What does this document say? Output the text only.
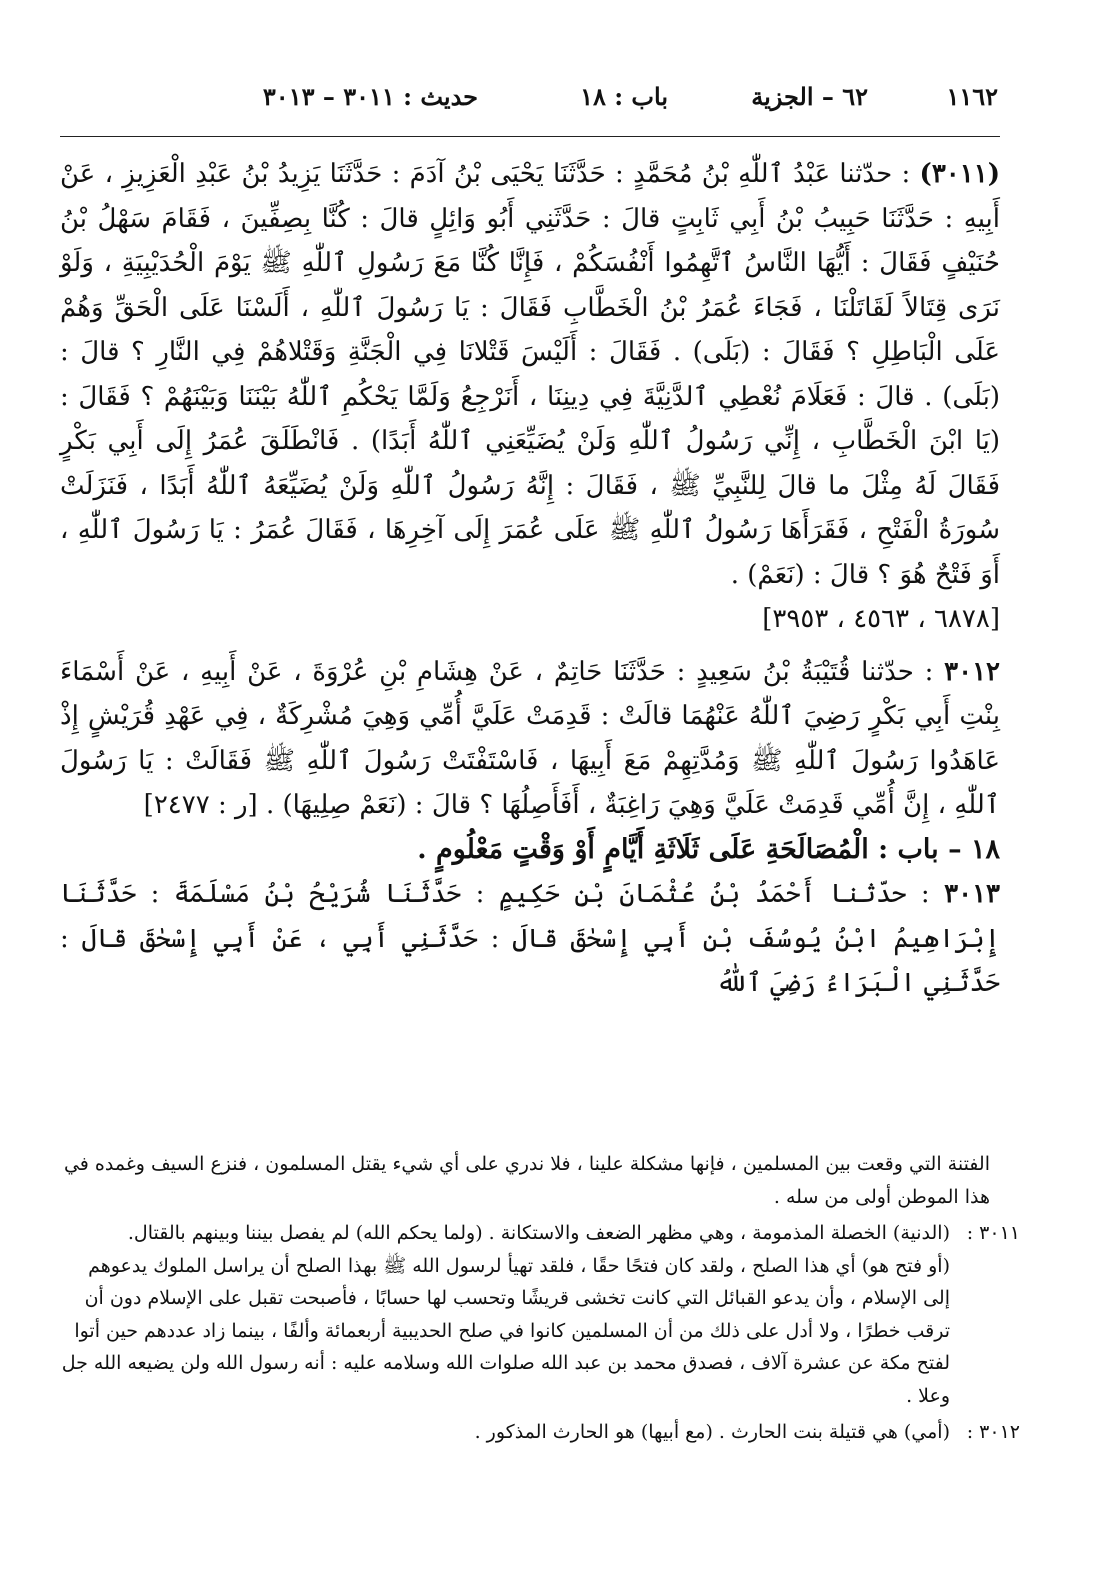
١١٦٢
٦٢ – الجزية
باب : ١٨
حديث : ٣٠١١ – ٣٠١٣

(٣٠١١) : حدّثنا عَبْدُ ٱللّٰهِ بْنُ مُحَمَّدٍ : حَدَّثَنَا يَحْيَى بْنُ آدَمَ : حَدَّثَنَا يَزِيدُ بْنُ عَبْدِ الْعَزِيزِ ، عَنْ أَبِيهِ : حَدَّثَنَا حَبِيبُ بْنُ أَبِي ثَابِتٍ قالَ : حَدَّثَنِي أَبُو وَائِلٍ قالَ : كُنَّا بِصِفِّينَ ، فَقَامَ سَهْلُ بْنُ حُنَيْفٍ فَقَالَ : أَيُّهَا النَّاسُ ٱتَّهِمُوا أَنْفُسَكُمْ ، فَإِنَّا كُنَّا مَعَ رَسُولِ ٱللّٰهِ ﷺ يَوْمَ الْحُدَيْبِيَةِ ، وَلَوْ نَرَى قِتَالاً لَقَاتَلْنَا ، فَجَاءَ عُمَرُ بْنُ الْخَطَّابِ فَقَالَ : يَا رَسُولَ ٱللّٰهِ ، أَلَسْنَا عَلَى الْحَقِّ وَهُمْ عَلَى الْبَاطِلِ ؟ فَقَالَ : (بَلَى) . فَقَالَ : أَلَيْسَ قَتْلانَا فِي الْجَنَّةِ وَقَتْلاهُمْ فِي النَّارِ ؟ قالَ : (بَلَى) . قالَ : فَعَلَامَ نُعْطِي ٱلدَّنِيَّةَ فِي دِينِنَا ، أَنَرْجِعُ وَلَمَّا يَحْكُمِ ٱللّٰهُ بَيْنَنَا وَبَيْنَهُمْ ؟ فَقَالَ : (يَا ابْنَ الْخَطَّابِ ، إِنِّي رَسُولُ ٱللّٰهِ وَلَنْ يُضَيِّعَنِي ٱللّٰهُ أَبَدًا) . فَانْطَلَقَ عُمَرُ إِلَى أَبِي بَكْرٍ فَقَالَ لَهُ مِثْلَ ما قالَ لِلنَّبِيِّ ﷺ ، فَقَالَ : إِنَّهُ رَسُولُ ٱللّٰهِ وَلَنْ يُضَيِّعَهُ ٱللّٰهُ أَبَدًا ، فَنَزَلَتْ سُورَةُ الْفَتْحِ ، فَقَرَأَهَا رَسُولُ ٱللّٰهِ ﷺ عَلَى عُمَرَ إِلَى آخِرِهَا ، فَقَالَ عُمَرُ : يَا رَسُولَ ٱللّٰهِ ، أَوَ فَتْحٌ هُوَ ؟ قالَ : (نَعَمْ) .

[٦٨٧٨ ، ٤٥٦٣ ، ٣٩٥٣]

٣٠١٢ : حدّثنا قُتَيْبَةُ بْنُ سَعِيدٍ : حَدَّثَنَا حَاتِمٌ ، عَنْ هِشَامِ بْنِ عُرْوَةَ ، عَنْ أَبِيهِ ، عَنْ أَسْمَاءَ بِنْتِ أَبِي بَكْرٍ رَضِيَ ٱللّٰهُ عَنْهُمَا قالَتْ : قَدِمَتْ عَلَيَّ أُمِّي وَهِيَ مُشْرِكَةٌ ، فِي عَهْدِ قُرَيْشٍ إِذْ عَاهَدُوا رَسُولَ ٱللّٰهِ ﷺ وَمُدَّتِهِمْ مَعَ أَبِيهَا ، فَاسْتَفْتَتْ رَسُولَ ٱللّٰهِ ﷺ فَقَالَتْ : يَا رَسُولَ ٱللّٰهِ ، إِنَّ أُمِّي قَدِمَتْ عَلَيَّ وَهِيَ رَاغِبَةٌ ، أَفَأَصِلُهَا ؟ قالَ : (نَعَمْ صِلِيهَا) . [ر : ٢٤٧٧]

١٨ – باب : الْمُصَالَحَةِ عَلَى ثَلَاثَةِ أَيَّامٍ أَوْ وَقْتٍ مَعْلُومٍ .

٣٠١٣ : حدّثنا أَحْمَدُ بْنُ عُثْمَانَ بْنِ حَكِيمٍ : حَدَّثَنَا شُرَيْحُ بْنُ مَسْلَمَةَ : حَدَّثَنَا إِبْرَاهِيمُ ابْنُ يُوسُفَ بْنِ أَبِي إِسْحٰقَ قالَ : حَدَّثَنِي أَبِي ، عَنْ أَبِي إِسْحٰقَ قالَ : حَدَّثَنِي الْبَرَاءُ رَضِيَ ٱللّٰهُ

الفتنة التي وقعت بين المسلمين ، فإنها مشكلة علينا ، فلا ندري على أي شيء يقتل المسلمون ، فنزع السيف وغمده في هذا الموطن أولى من سله .

٣٠١١ :

(الدنية) الخصلة المذمومة ، وهي مظهر الضعف والاستكانة . (ولما يحكم الله) لم يفصل بيننا وبينهم بالقتال.

(أو فتح هو) أي هذا الصلح ، ولقد كان فتحًا حقًا ، فلقد تهيأ لرسول الله ﷺ بهذا الصلح أن يراسل الملوك يدعوهم إلى الإسلام ، وأن يدعو القبائل التي كانت تخشى قريشًا وتحسب لها حسابًا ، فأصبحت تقبل على الإسلام دون أن ترقب خطرًا ، ولا أدل على ذلك من أن المسلمين كانوا في صلح الحديبية أربعمائة وألفًا ، بينما زاد عددهم حين أتوا لفتح مكة عن عشرة آلاف ، فصدق محمد بن عبد الله صلوات الله وسلامه عليه : أنه رسول الله ولن يضيعه الله جل وعلا .

٣٠١٢ :

(أمي) هي قتيلة بنت الحارث . (مع أبيها) هو الحارث المذكور .
